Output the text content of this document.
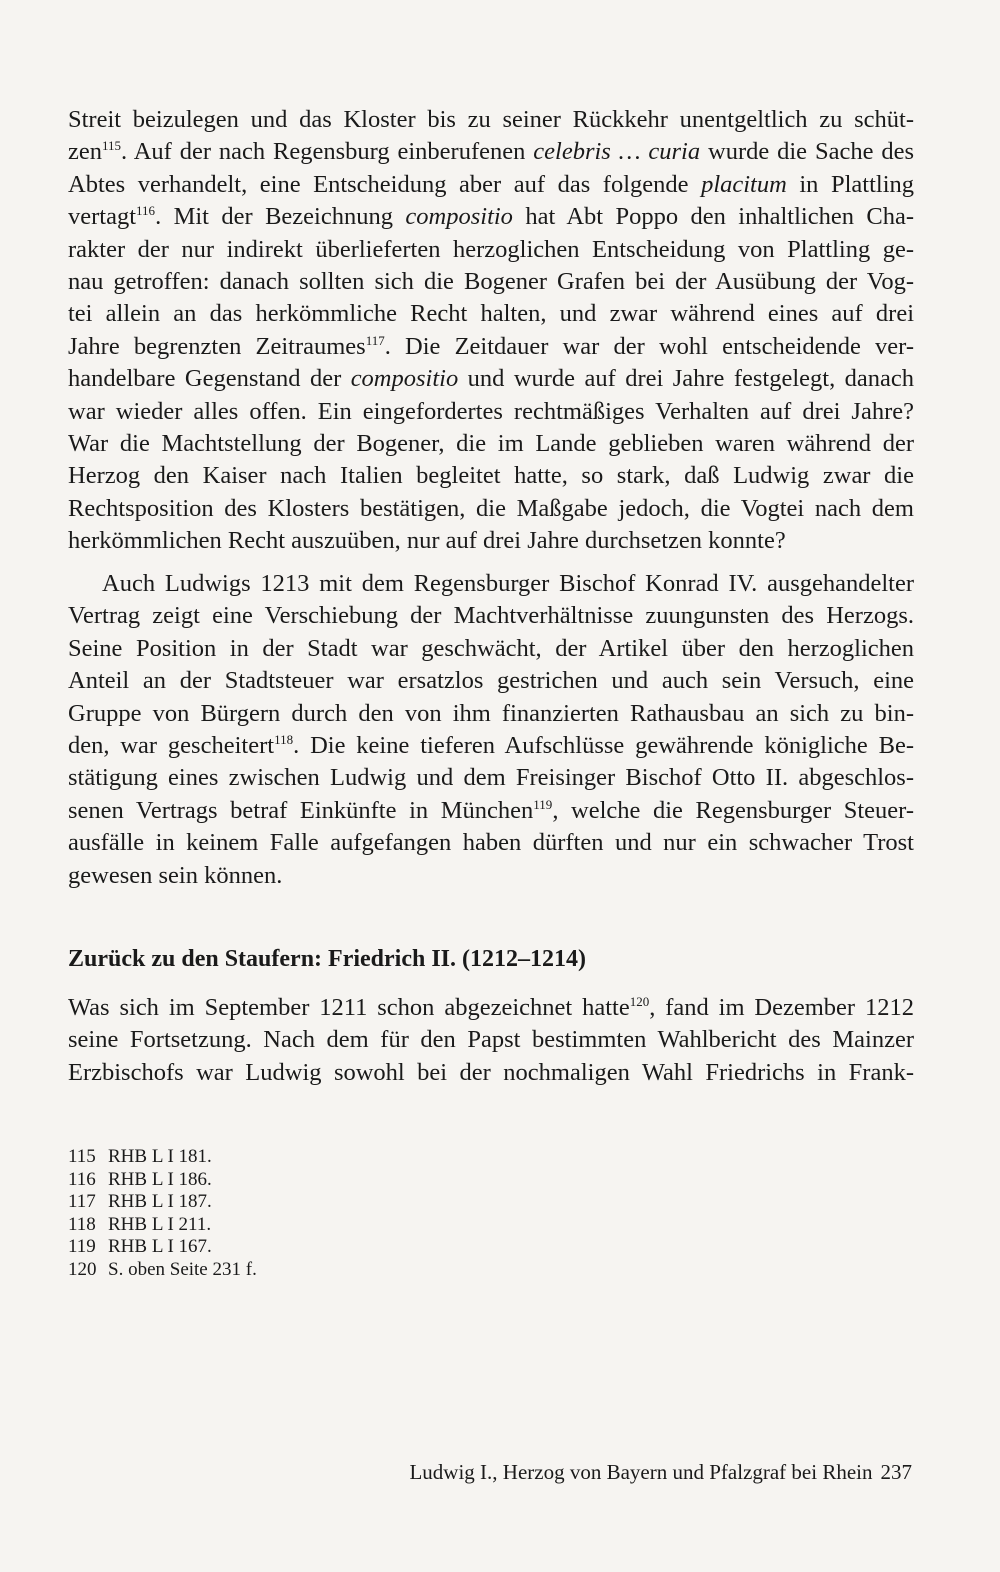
Streit beizulegen und das Kloster bis zu seiner Rückkehr unentgeltlich zu schüt-
zen$^{115}$. Auf der nach Regensburg einberufenen celebris … curia wurde die Sache des
Abtes verhandelt, eine Entscheidung aber auf das folgende placitum in Plattling
vertagt$^{116}$. Mit der Bezeichnung compositio hat Abt Poppo den inhaltlichen Cha-
rakter der nur indirekt überlieferten herzoglichen Entscheidung von Plattling ge-
nau getroffen: danach sollten sich die Bogener Grafen bei der Ausübung der Vog-
tei allein an das herkömmliche Recht halten, und zwar während eines auf drei
Jahre begrenzten Zeitraumes$^{117}$. Die Zeitdauer war der wohl entscheidende ver-
handelbare Gegenstand der compositio und wurde auf drei Jahre festgelegt, danach
war wieder alles offen. Ein eingefordertes rechtmäßiges Verhalten auf drei Jahre?
War die Machtstellung der Bogener, die im Lande geblieben waren während der
Herzog den Kaiser nach Italien begleitet hatte, so stark, daß Ludwig zwar die
Rechtsposition des Klosters bestätigen, die Maßgabe jedoch, die Vogtei nach dem
herkömmlichen Recht auszuüben, nur auf drei Jahre durchsetzen konnte?
Auch Ludwigs 1213 mit dem Regensburger Bischof Konrad IV. ausgehandelter
Vertrag zeigt eine Verschiebung der Machtverhältnisse zuungunsten des Herzogs.
Seine Position in der Stadt war geschwächt, der Artikel über den herzoglichen
Anteil an der Stadtsteuer war ersatzlos gestrichen und auch sein Versuch, eine
Gruppe von Bürgern durch den von ihm finanzierten Rathausbau an sich zu bin-
den, war gescheitert$^{118}$. Die keine tieferen Aufschlüsse gewährende königliche Be-
stätigung eines zwischen Ludwig und dem Freisinger Bischof Otto II. abgeschlos-
senen Vertrags betraf Einkünfte in München$^{119}$, welche die Regensburger Steuer-
ausfälle in keinem Falle aufgefangen haben dürften und nur ein schwacher Trost
gewesen sein können.
Zurück zu den Staufern: Friedrich II. (1212–1214)
Was sich im September 1211 schon abgezeichnet hatte$^{120}$, fand im Dezember 1212
seine Fortsetzung. Nach dem für den Papst bestimmten Wahlbericht des Mainzer
Erzbischofs war Ludwig sowohl bei der nochmaligen Wahl Friedrichs in Frank-
115 RHB L I 181.
116 RHB L I 186.
117 RHB L I 187.
118 RHB L I 211.
119 RHB L I 167.
120 S. oben Seite 231 f.
Ludwig I., Herzog von Bayern und Pfalzgraf bei Rhein 237
